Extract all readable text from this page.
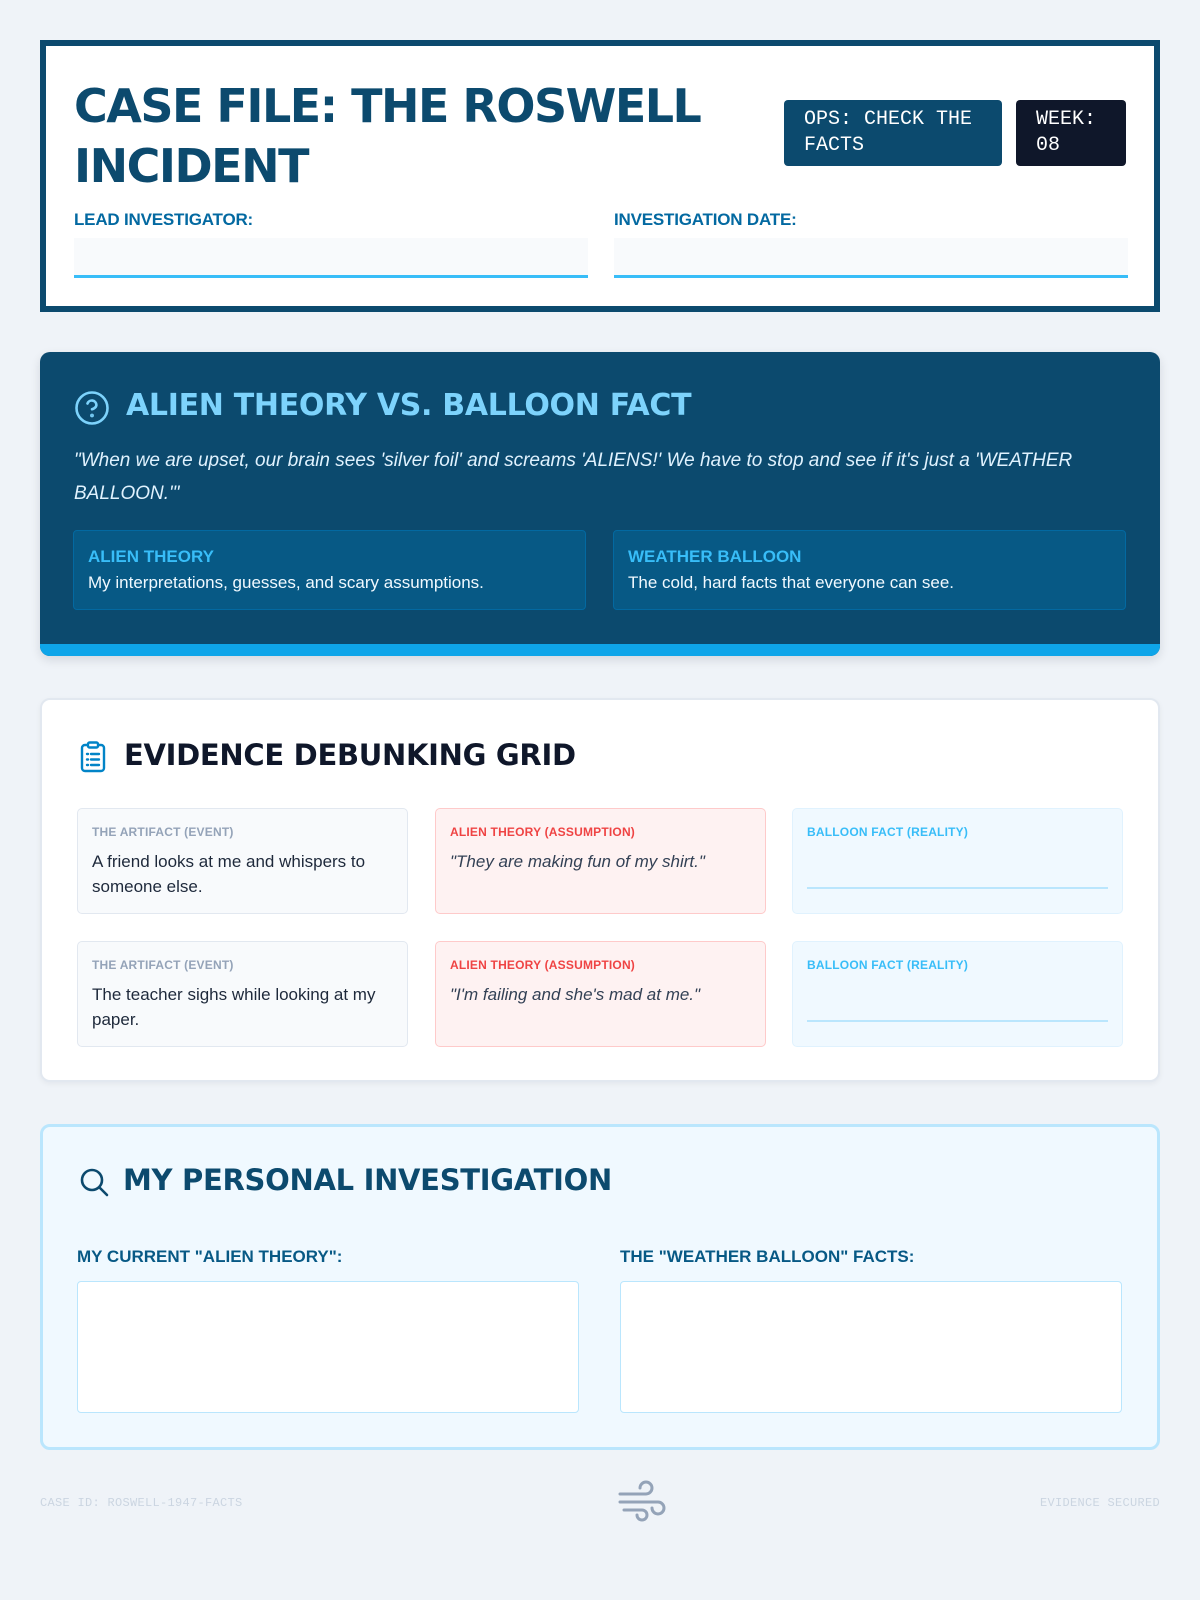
CASE FILE: THE ROSWELL INCIDENT
OPS: CHECK THE FACTS
WEEK: 08
LEAD INVESTIGATOR:	INVESTIGATION DATE:
ALIEN THEORY VS. BALLOON FACT

"When we are upset, our brain sees 'silver foil' and screams 'ALIENS!' We have to stop and see if it's just a 'WEATHER BALLOON.'"

ALIEN THEORY
My interpretations, guesses, and scary assumptions.
WEATHER BALLOON
The cold, hard facts that everyone can see.
EVIDENCE DEBUNKING GRID
THE ARTIFACT (EVENT)
A friend looks at me and whispers to someone else.
ALIEN THEORY (ASSUMPTION)
"They are making fun of my shirt."
BALLOON FACT (REALITY)
THE ARTIFACT (EVENT)
The teacher sighs while looking at my paper.
ALIEN THEORY (ASSUMPTION)
"I'm failing and she's mad at me."
BALLOON FACT (REALITY)
MY PERSONAL INVESTIGATION
MY CURRENT "ALIEN THEORY":	THE "WEATHER BALLOON" FACTS:
CASE ID: ROSWELL-1947-FACTS	EVIDENCE SECURED
